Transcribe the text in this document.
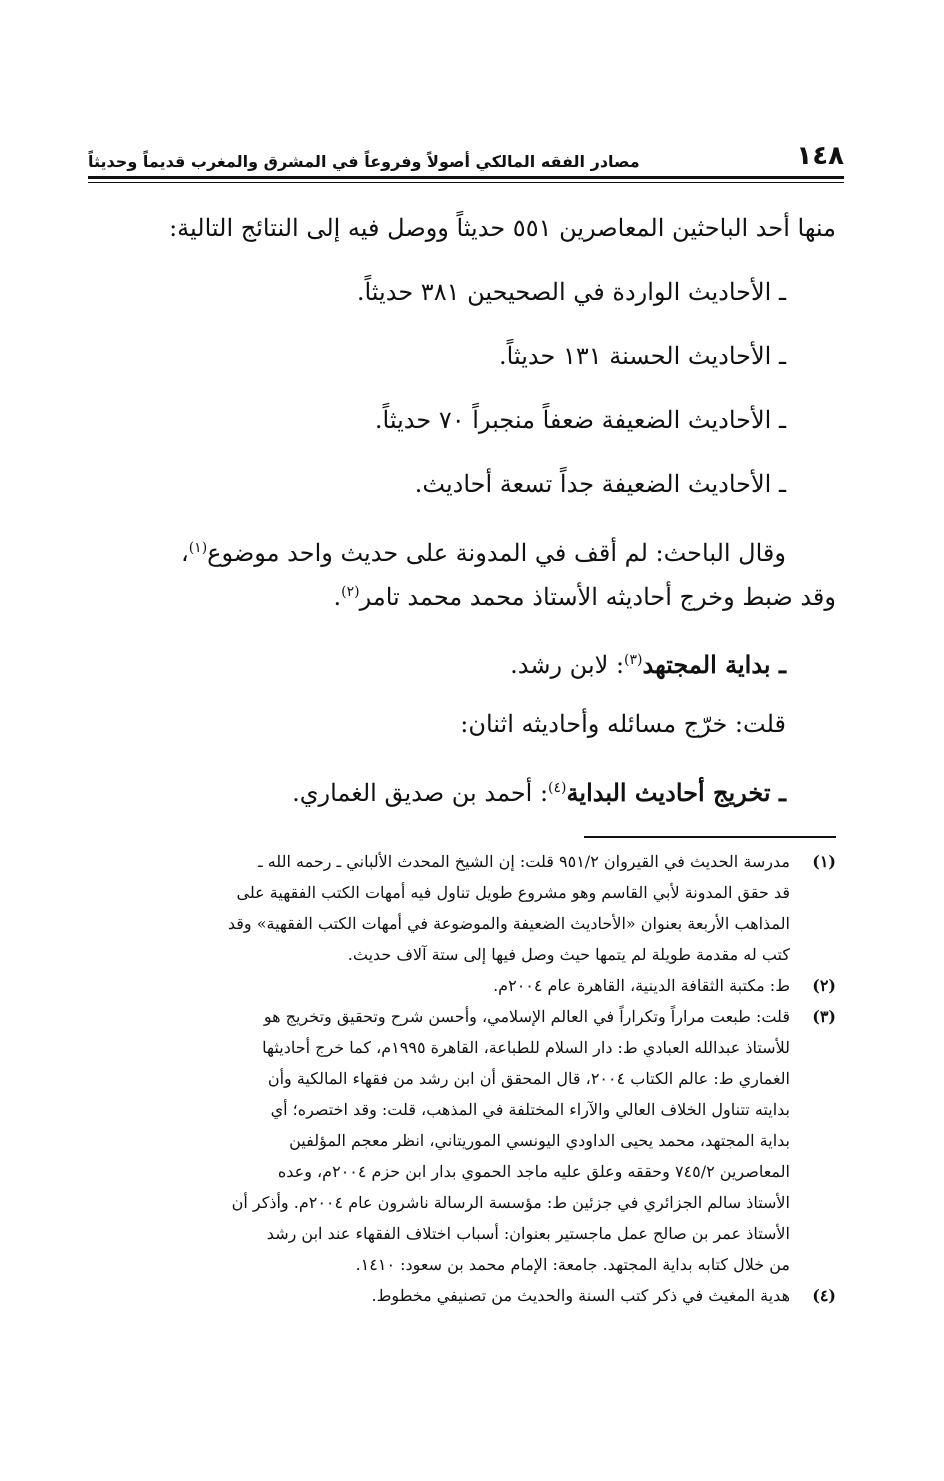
١٤٨
مصادر الفقه المالكي أصولاً وفروعاً في المشرق والمغرب قديماً وحديثاً
منها أحد الباحثين المعاصرين ٥٥١ حديثاً ووصل فيه إلى النتائج التالية:
ـ الأحاديث الواردة في الصحيحين ٣٨١ حديثاً.
ـ الأحاديث الحسنة ١٣١ حديثاً.
ـ الأحاديث الضعيفة ضعفاً منجبراً ٧٠ حديثاً.
ـ الأحاديث الضعيفة جداً تسعة أحاديث.
وقال الباحث: لم أقف في المدونة على حديث واحد موضوع$^{(١)}$،
وقد ضبط وخرج أحاديثه الأستاذ محمد محمد تامر$^{(٢)}$.
ـ بداية المجتهد$^{(٣)}$: لابن رشد.
قلت: خرّج مسائله وأحاديثه اثنان:
ـ تخريج أحاديث البداية$^{(٤)}$: أحمد بن صديق الغماري.
(١)
مدرسة الحديث في القيروان ٩٥١/٢ قلت: إن الشيخ المحدث الألباني ـ رحمه الله ـ
قد حقق المدونة لأبي القاسم وهو مشروع طويل تناول فيه أمهات الكتب الفقهية على
المذاهب الأربعة بعنوان «الأحاديث الضعيفة والموضوعة في أمهات الكتب الفقهية» وقد
كتب له مقدمة طويلة لم يتمها حيث وصل فيها إلى ستة آلاف حديث.
(٢)
ط: مكتبة الثقافة الدينية، القاهرة عام ٢٠٠٤م.
(٣)
قلت: طبعت مراراً وتكراراً في العالم الإسلامي، وأحسن شرح وتحقيق وتخريج هو
للأستاذ عبدالله العبادي ط: دار السلام للطباعة، القاهرة ١٩٩٥م، كما خرج أحاديثها
الغماري ط: عالم الكتاب ٢٠٠٤، قال المحقق أن ابن رشد من فقهاء المالكية وأن
بدايته تتناول الخلاف العالي والآراء المختلفة في المذهب، قلت: وقد اختصره؛ أي
بداية المجتهد، محمد يحيى الداودي اليونسي الموريتاني، انظر معجم المؤلفين
المعاصرين ٧٤٥/٢ وحققه وعلق عليه ماجد الحموي بدار ابن حزم ٢٠٠٤م، وعده
الأستاذ سالم الجزائري في جزئين ط: مؤسسة الرسالة ناشرون عام ٢٠٠٤م. وأذكر أن
الأستاذ عمر بن صالح عمل ماجستير بعنوان: أسباب اختلاف الفقهاء عند ابن رشد
من خلال كتابه بداية المجتهد. جامعة: الإمام محمد بن سعود: ١٤١٠.
(٤)
هدية المغيث في ذكر كتب السنة والحديث من تصنيفي مخطوط.
